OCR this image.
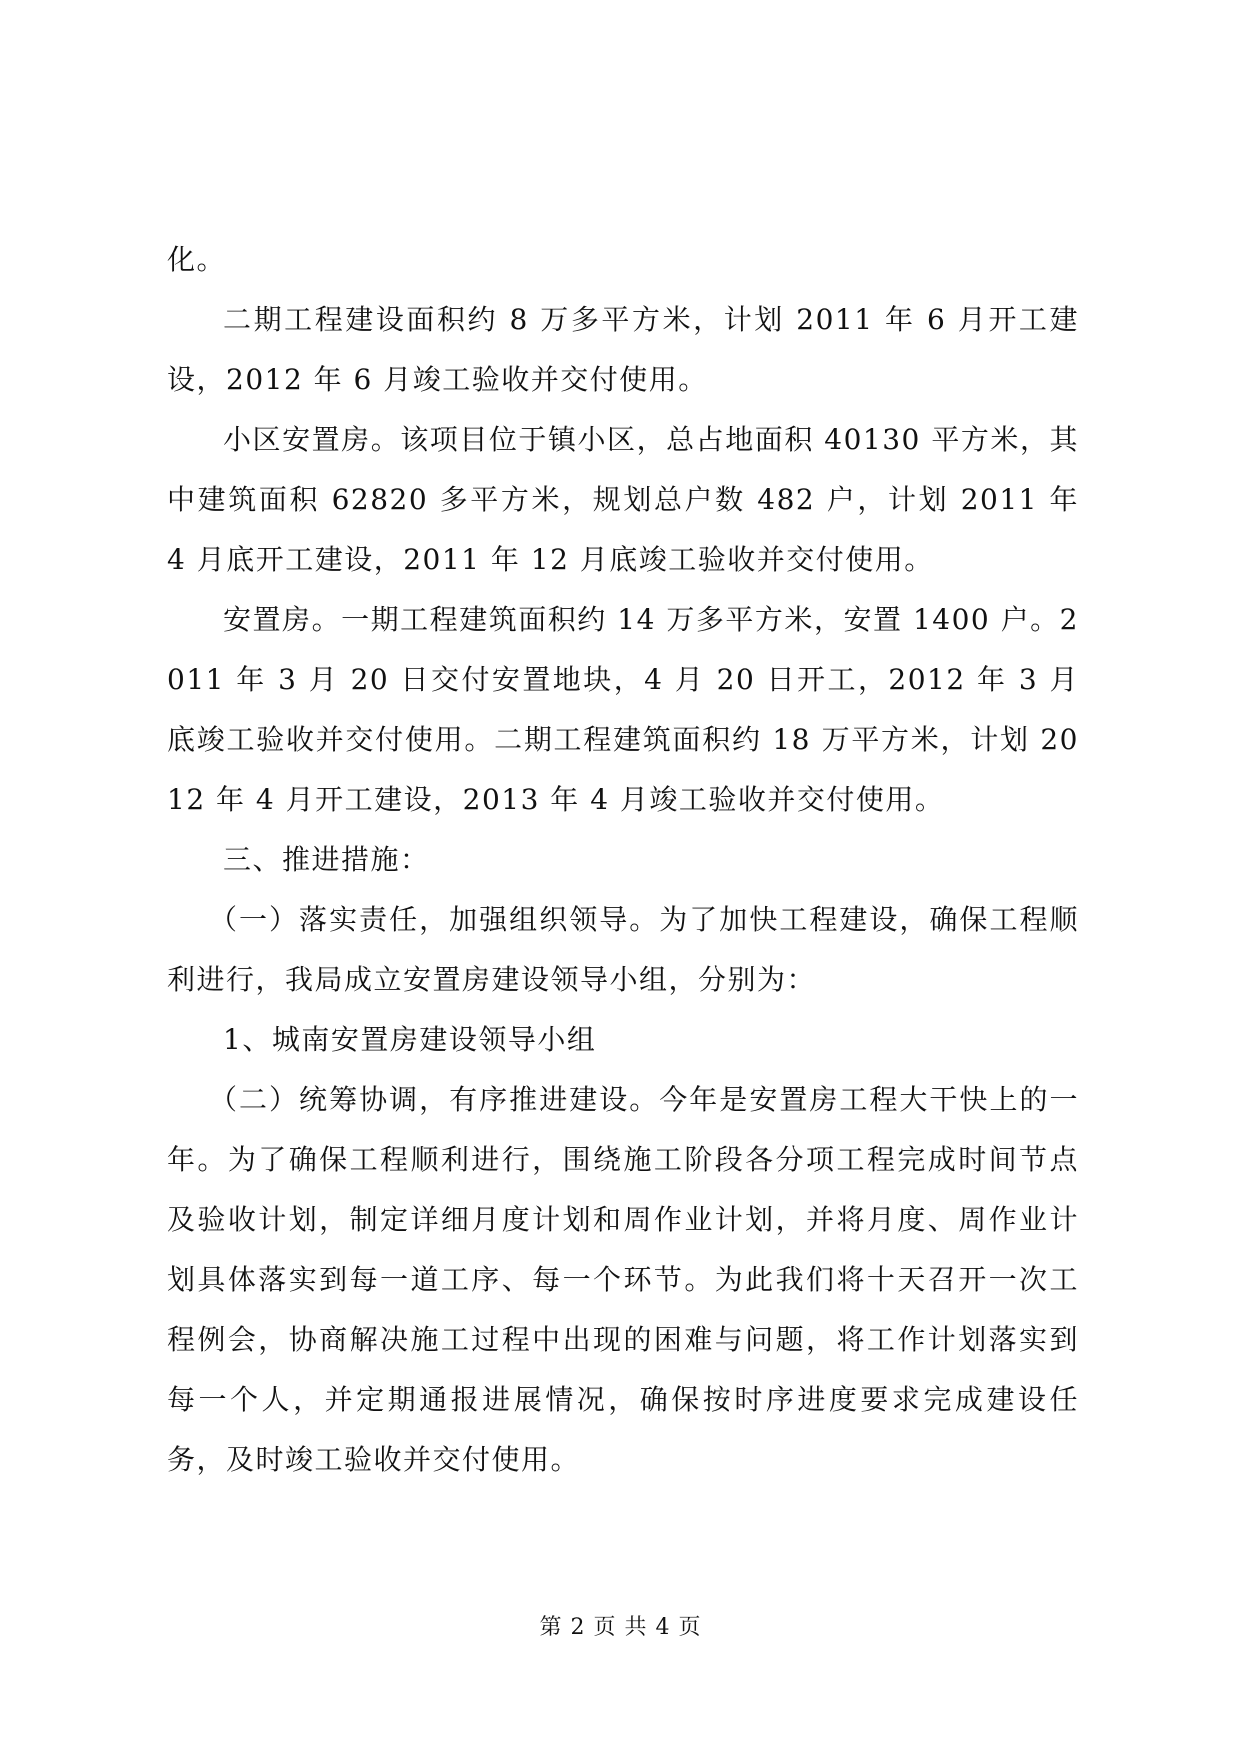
化。

二期工程建设面积约 8 万多平方米，计划 2011 年 6 月开工建设，2012 年 6 月竣工验收并交付使用。

小区安置房。该项目位于镇小区，总占地面积 40130 平方米，其中建筑面积 62820 多平方米，规划总户数 482 户，计划 2011 年 4 月底开工建设，2011 年 12 月底竣工验收并交付使用。

安置房。一期工程建筑面积约 14 万多平方米，安置 1400 户。2011 年 3 月 20 日交付安置地块，4 月 20 日开工，2012 年 3 月底竣工验收并交付使用。二期工程建筑面积约 18 万平方米，计划 2012 年 4 月开工建设，2013 年 4 月竣工验收并交付使用。

三、推进措施：

（一）落实责任，加强组织领导。为了加快工程建设，确保工程顺利进行，我局成立安置房建设领导小组，分别为：

1、城南安置房建设领导小组

（二）统筹协调，有序推进建设。今年是安置房工程大干快上的一年。为了确保工程顺利进行，围绕施工阶段各分项工程完成时间节点及验收计划，制定详细月度计划和周作业计划，并将月度、周作业计划具体落实到每一道工序、每一个环节。为此我们将十天召开一次工程例会，协商解决施工过程中出现的困难与问题，将工作计划落实到每一个人，并定期通报进展情况，确保按时序进度要求完成建设任务，及时竣工验收并交付使用。

第 2 页 共 4 页
